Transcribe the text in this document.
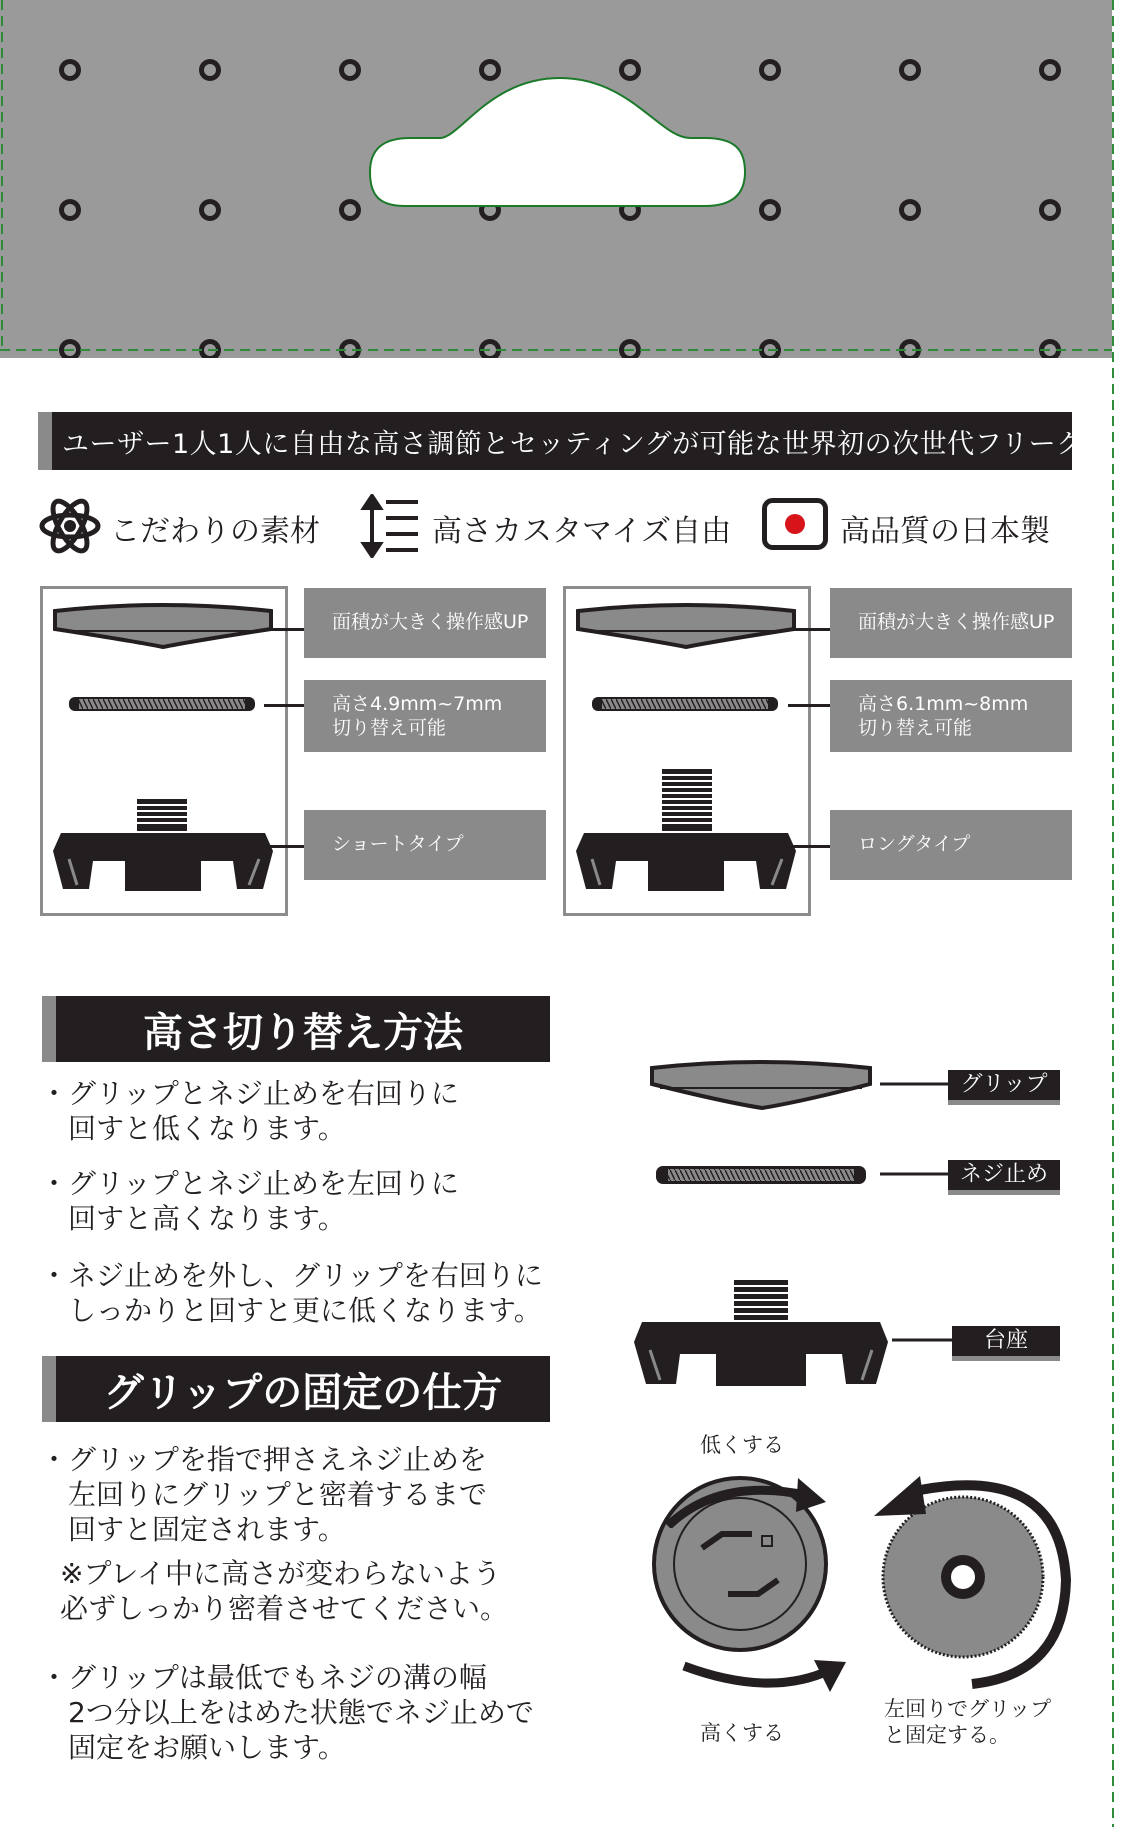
ユーザー1人1人に自由な高さ調節とセッティングが可能な世界初の次世代フリーク
こだわりの素材	高さカスタマイズ自由	高品質の日本製
面積が大きく操作感UP
高さ4.9mm~7mm
切り替え可能
ショートタイプ
面積が大きく操作感UP
高さ6.1mm~8mm
切り替え可能
ロングタイプ
高さ切り替え方法
・グリップとネジ止めを右回りに
　回すと低くなります。
・グリップとネジ止めを左回りに
　回すと高くなります。
・ネジ止めを外し、グリップを右回りに
　しっかりと回すと更に低くなります。
グリップの固定の仕方
・グリップを指で押さえネジ止めを
　左回りにグリップと密着するまで
　回すと固定されます。
※プレイ中に高さが変わらないよう
必ずしっかり密着させてください。
・グリップは最低でもネジの溝の幅
　2つ分以上をはめた状態でネジ止めで
　固定をお願いします。
グリップ
ネジ止め
台座
低くする
高くする
左回りでグリップ
と固定する。
